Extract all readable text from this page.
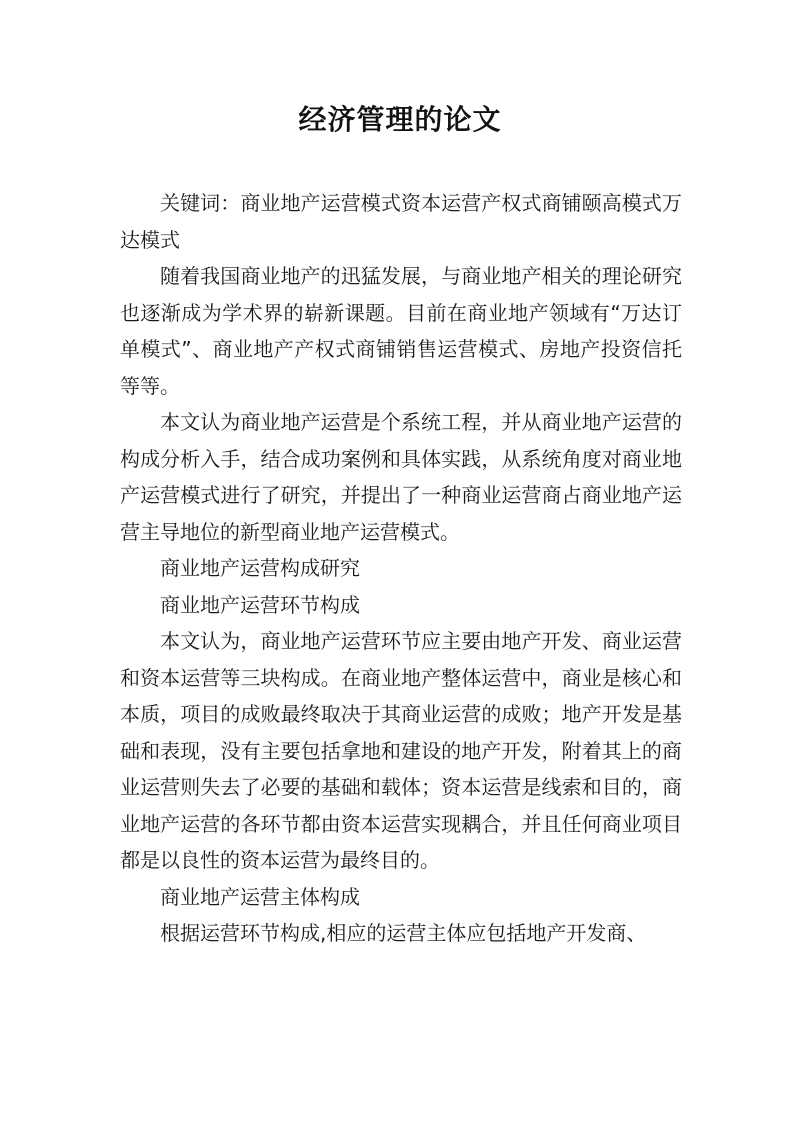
经济管理的论文

关键词：商业地产运营模式资本运营产权式商铺颐高模式万达模式

随着我国商业地产的迅猛发展，与商业地产相关的理论研究也逐渐成为学术界的崭新课题。目前在商业地产领域有“万达订单模式”、商业地产产权式商铺销售运营模式、房地产投资信托等等。

本文认为商业地产运营是个系统工程，并从商业地产运营的构成分析入手，结合成功案例和具体实践，从系统角度对商业地产运营模式进行了研究，并提出了一种商业运营商占商业地产运营主导地位的新型商业地产运营模式。

商业地产运营构成研究

商业地产运营环节构成

本文认为，商业地产运营环节应主要由地产开发、商业运营和资本运营等三块构成。在商业地产整体运营中，商业是核心和本质，项目的成败最终取决于其商业运营的成败；地产开发是基础和表现，没有主要包括拿地和建设的地产开发，附着其上的商业运营则失去了必要的基础和载体；资本运营是线索和目的，商业地产运营的各环节都由资本运营实现耦合，并且任何商业项目都是以良性的资本运营为最终目的。

商业地产运营主体构成

根据运营环节构成,相应的运营主体应包括地产开发商、
